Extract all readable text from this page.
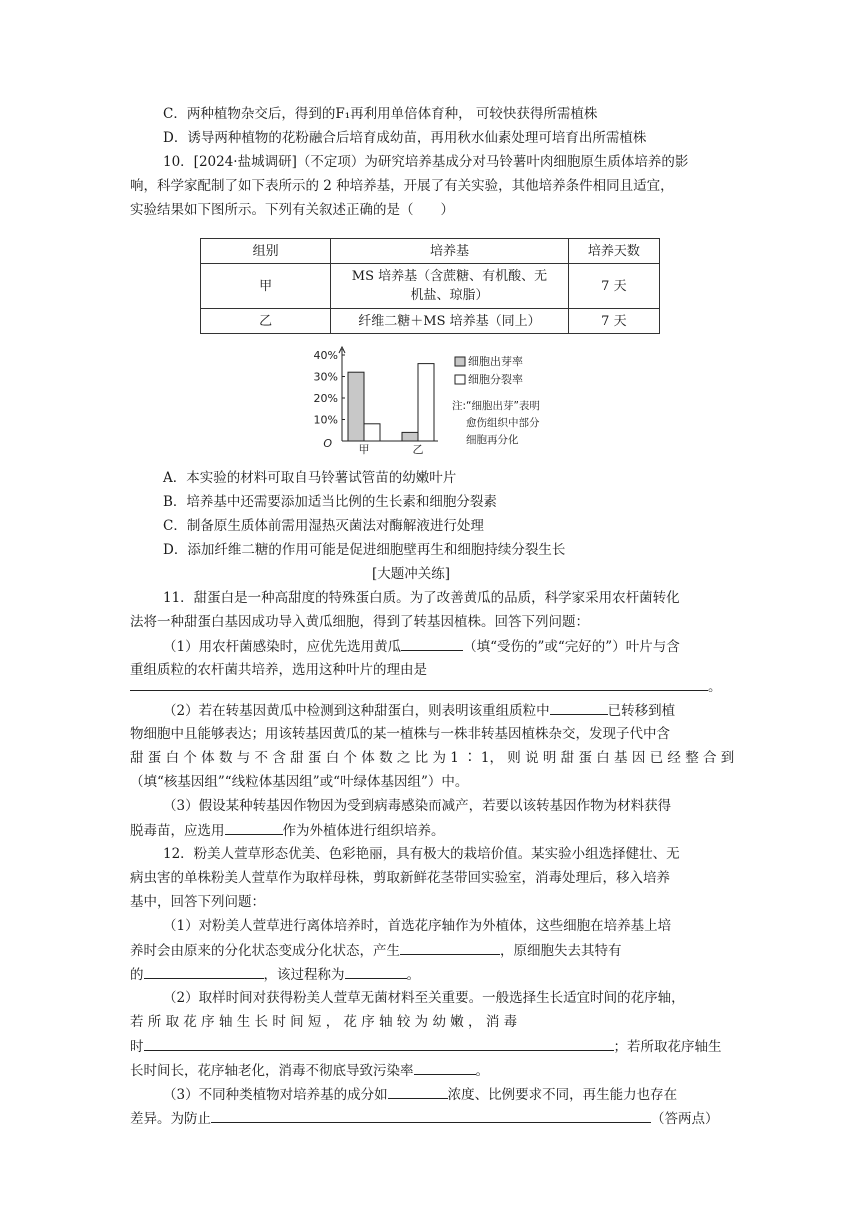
C．两种植物杂交后，得到的F₁再利用单倍体育种， 可较快获得所需植株
D．诱导两种植物的花粉融合后培育成幼苗，再用秋水仙素处理可培育出所需植株
10．[2024·盐城调研]（不定项）为研究培养基成分对马铃薯叶肉细胞原生质体培养的影
响，科学家配制了如下表所示的 2 种培养基，开展了有关实验，其他培养条件相同且适宜，
实验结果如下图所示。下列有关叙述正确的是（　　）
组别	培养基	培养天数
甲	MS 培养基（含蔗糖、有机酸、无
机盐、琼脂）	7 天
乙	纤维二糖＋MS 培养基（同上）	7 天
10%
20%
30%
40%
O 甲	乙
细胞出芽率
细胞分裂率
注:“细胞出芽”表明
愈伤组织中部分
细胞再分化
A．本实验的材料可取自马铃薯试管苗的幼嫩叶片
B．培养基中还需要添加适当比例的生长素和细胞分裂素
C．制备原生质体前需用湿热灭菌法对酶解液进行处理
D．添加纤维二糖的作用可能是促进细胞壁再生和细胞持续分裂生长
[大题冲关练]
11．甜蛋白是一种高甜度的特殊蛋白质。为了改善黄瓜的品质，科学家采用农杆菌转化
法将一种甜蛋白基因成功导入黄瓜细胞，得到了转基因植株。回答下列问题：
（1）用农杆菌感染时，应优先选用黄瓜	（填“受伤的”或“完好的”）叶片与含
重组质粒的农杆菌共培养，选用这种叶片的理由是
。
（2）若在转基因黄瓜中检测到这种甜蛋白，则表明该重组质粒中	已转移到植
物细胞中且能够表达；用该转基因黄瓜的某一植株与一株非转基因植株杂交，发现子代中含
甜 蛋 白 个 体 数 与 不 含 甜 蛋 白 个 体 数 之 比 为 1 ∶ 1， 则 说 明 甜 蛋 白 基 因 已 经 整 合 到
（填“核基因组”“线粒体基因组”或“叶绿体基因组”）中。
（3）假设某种转基因作物因为受到病毒感染而减产，若要以该转基因作物为材料获得
脱毒苗，应选用	作为外植体进行组织培养。
12．粉美人萱草形态优美、色彩艳丽，具有极大的栽培价值。某实验小组选择健壮、无
病虫害的单株粉美人萱草作为取样母株，剪取新鲜花茎带回实验室，消毒处理后，移入培养
基中，回答下列问题：
（1）对粉美人萱草进行离体培养时，首选花序轴作为外植体，这些细胞在培养基上培
养时会由原来的分化状态变成分化状态，产生	，原细胞失去其特有
的	，该过程称为	。
（2）取样时间对获得粉美人萱草无菌材料至关重要。一般选择生长适宜时间的花序轴，
若 所 取 花 序 轴 生 长 时 间 短 ， 花 序 轴 较 为 幼 嫩 ， 消 毒
时	；若所取花序轴生
长时间长，花序轴老化，消毒不彻底导致污染率	。
（3）不同种类植物对培养基的成分如	浓度、比例要求不同，再生能力也存在
差异。为防止	（答两点）
